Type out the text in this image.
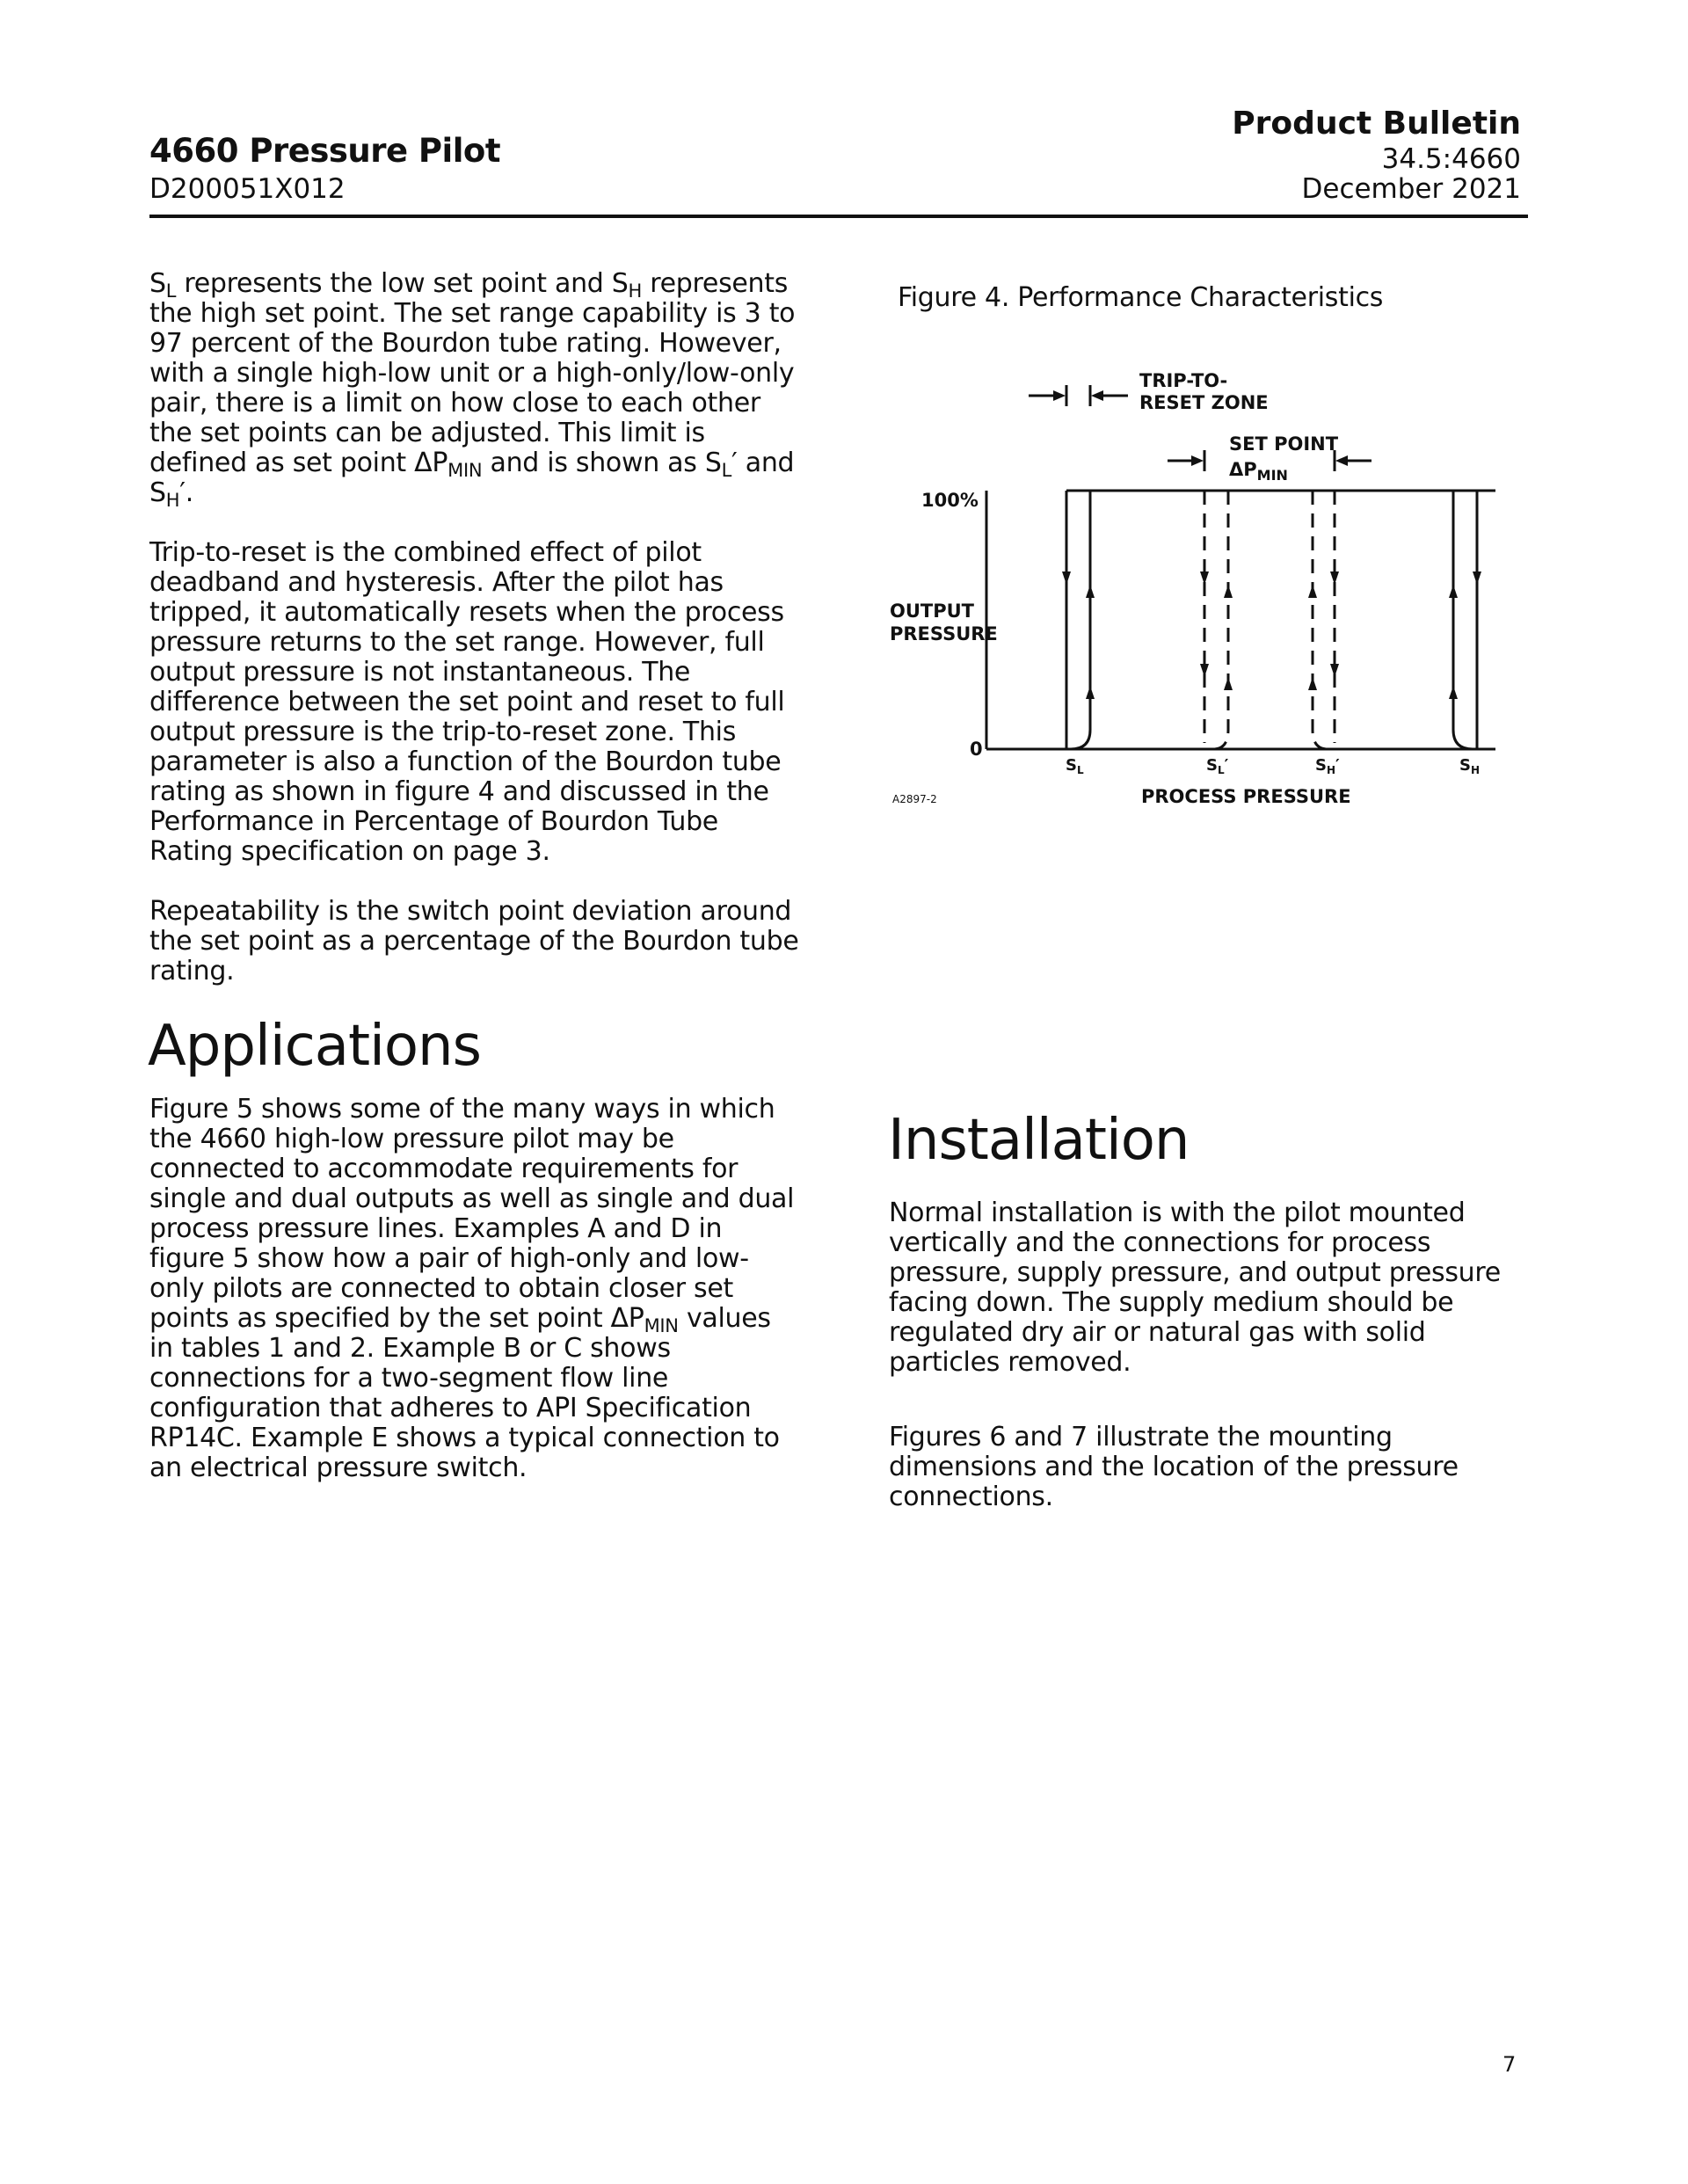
4660 Pressure Pilot
D200051X012
Product Bulletin
34.5:4660
December 2021

$S_L$ represents the low set point and $S_H$ represents the high set point. The set range capability is 3 to 97 percent of the Bourdon tube rating. However, with a single high-low unit or a high-only/low-only pair, there is a limit on how close to each other the set points can be adjusted. This limit is defined as set point $\Delta P_{MIN}$ and is shown as $S_L'$ and $S_H'$.

Trip-to-reset is the combined effect of pilot deadband and hysteresis. After the pilot has tripped, it automatically resets when the process pressure returns to the set range. However, full output pressure is not instantaneous. The difference between the set point and reset to full output pressure is the trip-to-reset zone. This parameter is also a function of the Bourdon tube rating as shown in figure 4 and discussed in the Performance in Percentage of Bourdon Tube Rating specification on page 3.

Repeatability is the switch point deviation around the set point as a percentage of the Bourdon tube rating.

Applications

Figure 5 shows some of the many ways in which the 4660 high-low pressure pilot may be connected to accommodate requirements for single and dual outputs as well as single and dual process pressure lines. Examples A and D in figure 5 show how a pair of high-only and low-only pilots are connected to obtain closer set points as specified by the set point $\Delta P_{MIN}$ values in tables 1 and 2. Example B or C shows connections for a two-segment flow line configuration that adheres to API Specification RP14C. Example E shows a typical connection to an electrical pressure switch.

Figure 4. Performance Characteristics
TRIP-TO-
RESET ZONE
SET POINT
$\Delta P_{MIN}$
100%
OUTPUT
PRESSURE
0
PROCESS PRESSURE
$S_L$	$S_L'$	$S_H'$	$S_H$
A2897-2
Installation

Normal installation is with the pilot mounted vertically and the connections for process pressure, supply pressure, and output pressure facing down. The supply medium should be regulated dry air or natural gas with solid particles removed.

Figures 6 and 7 illustrate the mounting dimensions and the location of the pressure connections.

7
